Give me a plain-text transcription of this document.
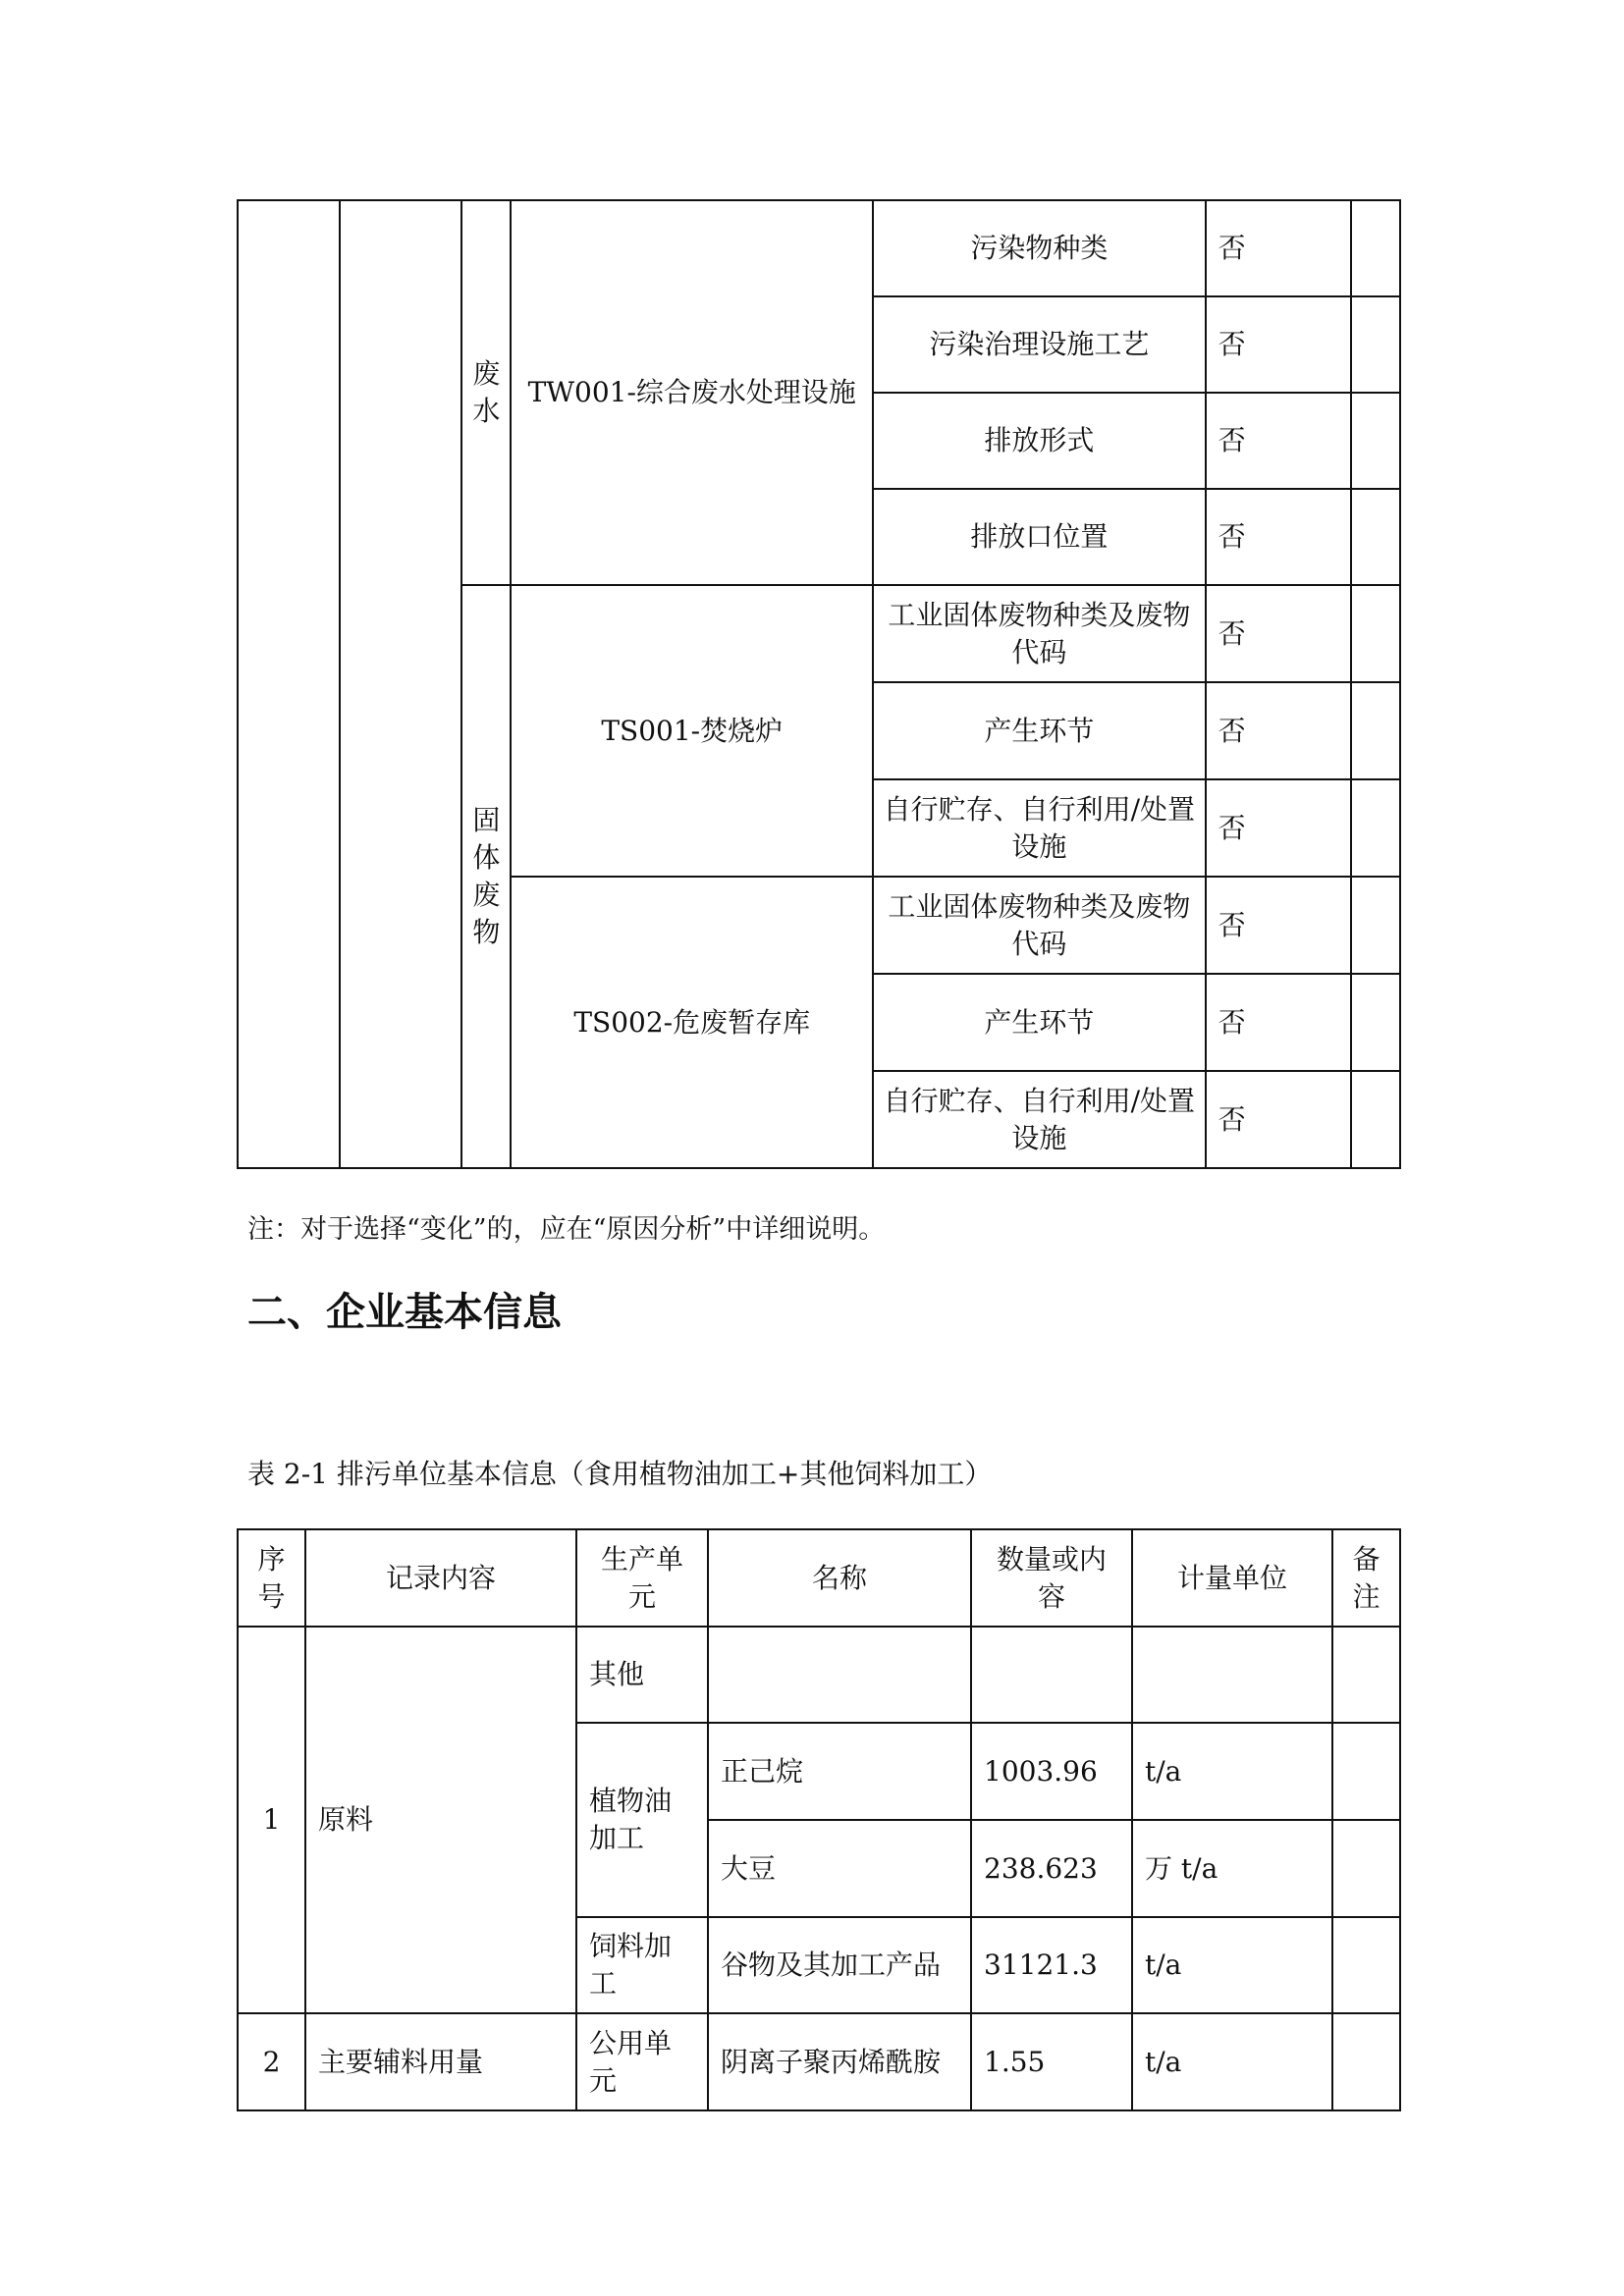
		废水	TW001-综合废水处理设施	污染物种类	否	
				污染治理设施工艺	否	
				排放形式	否	
				排放口位置	否	
		固体废物	TS001-焚烧炉	工业固体废物种类及废物代码	否	
				产生环节	否	
				自行贮存、自行利用/处置设施	否	
			TS002-危废暂存库	工业固体废物种类及废物代码	否	
				产生环节	否	
				自行贮存、自行利用/处置设施	否	
注：对于选择“变化”的，应在“原因分析”中详细说明。
二、企业基本信息
表 2-1 排污单位基本信息（食用植物油加工+其他饲料加工）
序号	记录内容	生产单元	名称	数量或内容	计量单位	备注
1	原料	其他				
		植物油加工	正己烷	1003.96	t/a	
			大豆	238.623	万 t/a	
		饲料加工	谷物及其加工产品	31121.3	t/a	
2	主要辅料用量	公用单元	阴离子聚丙烯酰胺	1.55	t/a	
